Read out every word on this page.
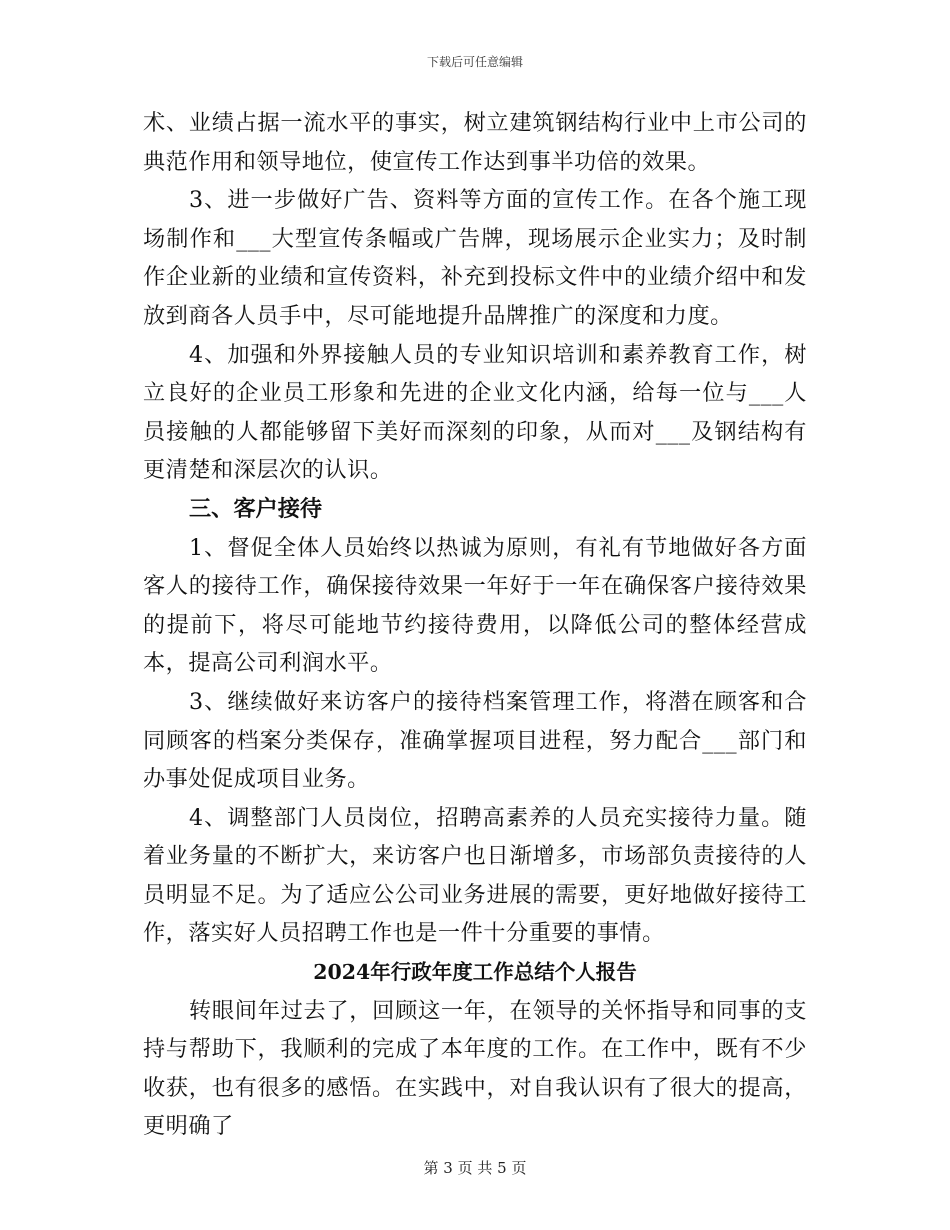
下载后可任意编辑

术、业绩占据一流水平的事实，树立建筑钢结构行业中上市公司的典范作用和领导地位，使宣传工作达到事半功倍的效果。

3、进一步做好广告、资料等方面的宣传工作。在各个施工现场制作和___大型宣传条幅或广告牌，现场展示企业实力；及时制作企业新的业绩和宣传资料，补充到投标文件中的业绩介绍中和发放到商各人员手中，尽可能地提升品牌推广的深度和力度。

4、加强和外界接触人员的专业知识培训和素养教育工作，树立良好的企业员工形象和先进的企业文化内涵，给每一位与___人员接触的人都能够留下美好而深刻的印象，从而对___及钢结构有更清楚和深层次的认识。

三、客户接待

1、督促全体人员始终以热诚为原则，有礼有节地做好各方面客人的接待工作，确保接待效果一年好于一年在确保客户接待效果的提前下，将尽可能地节约接待费用，以降低公司的整体经营成本，提高公司利润水平。

3、继续做好来访客户的接待档案管理工作，将潜在顾客和合同顾客的档案分类保存，准确掌握项目进程，努力配合___部门和办事处促成项目业务。

4、调整部门人员岗位，招聘高素养的人员充实接待力量。随着业务量的不断扩大，来访客户也日渐增多，市场部负责接待的人员明显不足。为了适应公公司业务进展的需要，更好地做好接待工作，落实好人员招聘工作也是一件十分重要的事情。

2024年行政年度工作总结个人报告

转眼间年过去了，回顾这一年，在领导的关怀指导和同事的支持与帮助下，我顺利的完成了本年度的工作。在工作中，既有不少收获，也有很多的感悟。在实践中，对自我认识有了很大的提高，更明确了

第 3 页 共 5 页
